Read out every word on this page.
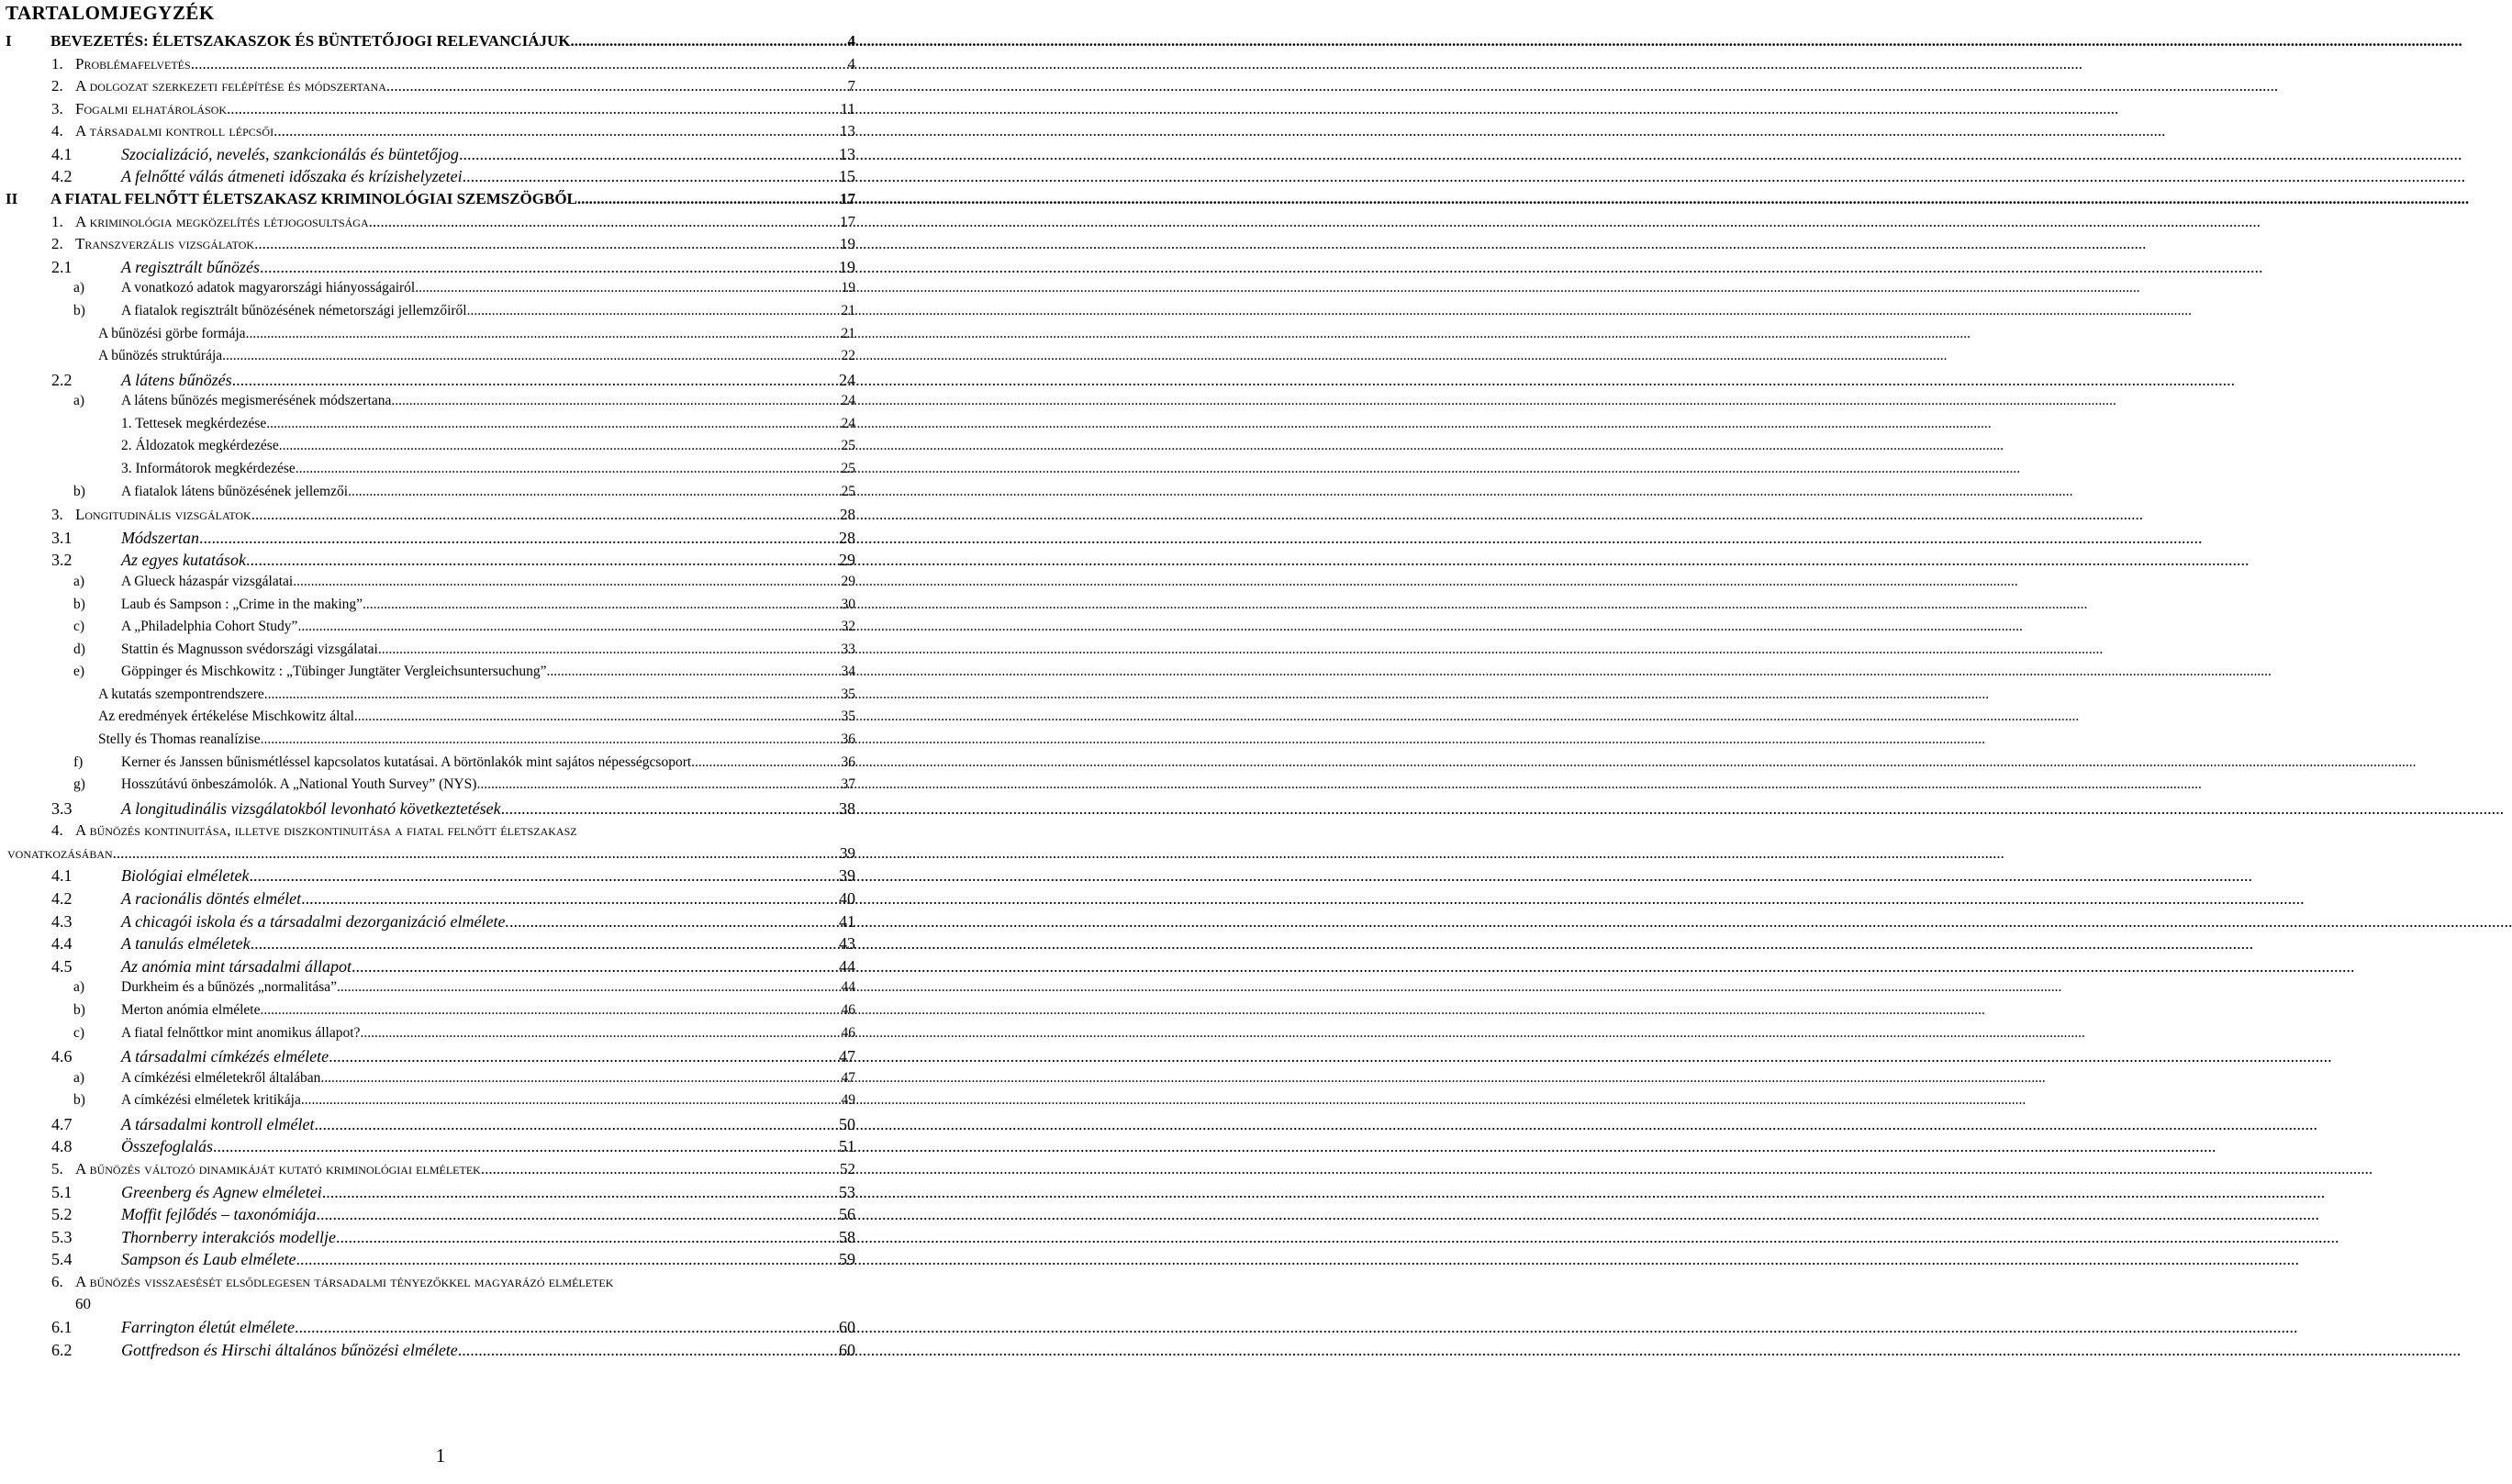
TARTALOMJEGYZÉK
I BEVEZETÉS: ÉLETSZAKASZOK ÉS BÜNTETŐJOGI RELEVANCIÁJUK .....	4
1. Problémafelvetés .....	4
2. A dolgozat szerkezeti felépítése és módszertana .....	7
3. Fogalmi elhatárolások .....	11
4. A társadalmi kontroll lépcsői .....	13
4.1	Szocializáció, nevelés, szankcionálás és büntetőjog .....	13
4.2	A felnőtté válás átmeneti időszaka és krízishelyzetei .....	15
II A FIATAL FELNŐTT ÉLETSZAKASZ KRIMINOLÓGIAI SZEMSZÖGBŐL .....	17
1. A kriminológia megközelítés létjogosultsága .....	17
2. Transzverzális vizsgálatok .....	19
2.1	A regisztrált bűnözés .....	19
a)	A vonatkozó adatok magyarországi hiányosságairól .....	19
b)	A fiatalok regisztrált bűnözésének németországi jellemzőiről .....	21
A bűnözési görbe formája .....	21
A bűnözés struktúrája .....	22
2.2	A látens bűnözés .....	24
a)	A látens bűnözés megismerésének módszertana .....	24
1. Tettesek megkérdezése .....	24
2. Áldozatok megkérdezése .....	25
3. Informátorok megkérdezése .....	25
b)	A fiatalok látens bűnözésének jellemzői .....	25
3. Longitudinális vizsgálatok .....	28
3.1	Módszertan .....	28
3.2	Az egyes kutatások .....	29
a)	A Glueck házaspár vizsgálatai .....	29
b)	Laub és Sampson : „Crime in the making” .....	30
c)	A „Philadelphia Cohort Study” .....	32
d)	Stattin és Magnusson svédországi vizsgálatai .....	33
e)	Göppinger és Mischkowitz : „Tübinger Jungtäter Vergleichsuntersuchung” .....	34
A kutatás szempontrendszere .....	35
Az eredmények értékelése Mischkowitz által .....	35
Stelly és Thomas reanalízise .....	36
f)	Kerner és Janssen bűnismétléssel kapcsolatos kutatásai. A börtönlakók mint sajátos népességcsoport .....	36
g)	Hosszútávú önbeszámolók. A „National Youth Survey” (NYS) .....	37
3.3	A longitudinális vizsgálatokból levonható következtetések .....	38
4. A bűnözés kontinuitása, illetve diszkontinuitása a fiatal felnőtt életszakasz
vonatkozásában .....	39
4.1	Biológiai elméletek .....	39
4.2	A racionális döntés elmélet .....	40
4.3	A chicagói iskola és a társadalmi dezorganizáció elmélete. .....	41
4.4	A tanulás elméletek .....	43
4.5	Az anómia mint társadalmi állapot .....	44
a)	Durkheim és a bűnözés „normalitása” .....	44
b)	Merton anómia elmélete .....	46
c)	A fiatal felnőttkor mint anomikus állapot? .....	46
4.6	A társadalmi címkézés elmélete .....	47
a)	A címkézési elméletekről általában .....	47
b)	A címkézési elméletek kritikája .....	49
4.7	A társadalmi kontroll elmélet .....	50
4.8	Összefoglalás .....	51
5. A bűnözés változó dinamikáját kutató kriminológiai elméletek .....	52
5.1	Greenberg és Agnew elméletei .....	53
5.2	Moffit fejlődés – taxonómiája .....	56
5.3	Thornberry interakciós modellje .....	58
5.4	Sampson és Laub elmélete .....	59
6. A bűnözés visszaesését elsődlegesen társadalmi tényezőkkel magyarázó elméletek
60
6.1	Farrington életút elmélete .....	60
6.2	Gottfredson és Hirschi általános bűnözési elmélete .....	60
1
